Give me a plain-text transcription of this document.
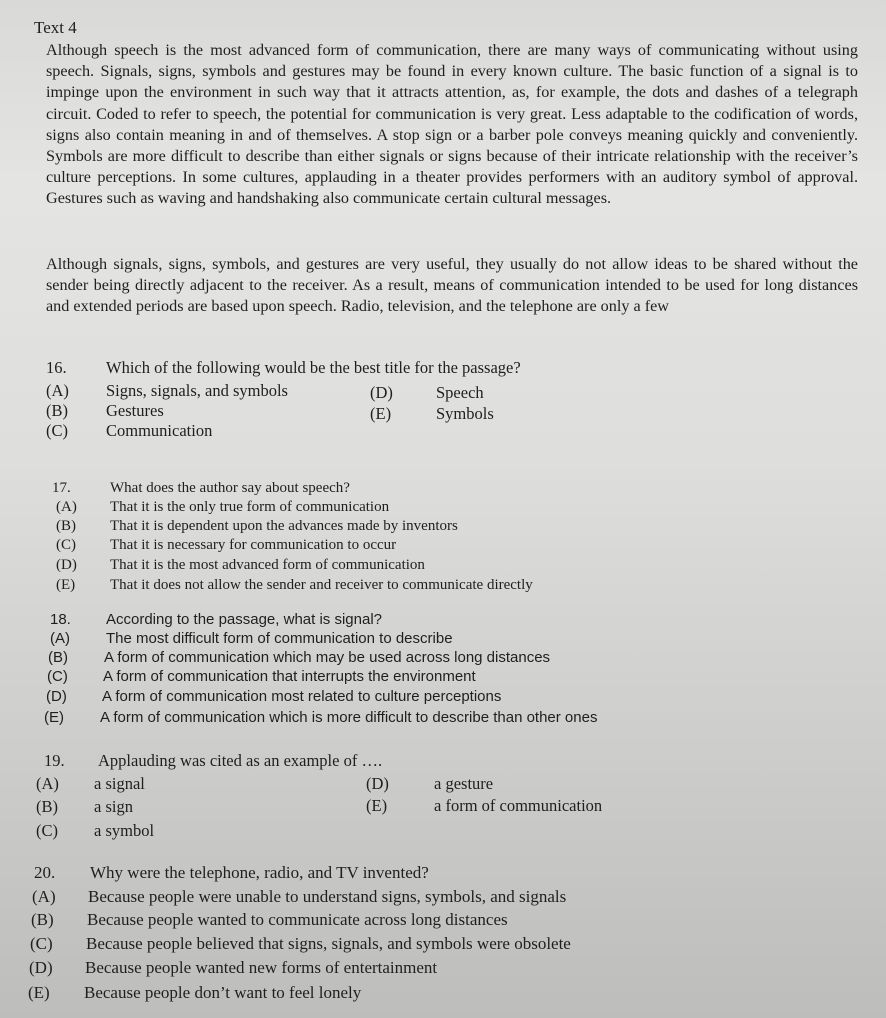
Text 4
Although speech is the most advanced form of communication, there are many ways of communicating without using speech. Signals, signs, symbols and gestures may be found in every known culture. The basic function of a signal is to impinge upon the environment in such way that it attracts attention, as, for example, the dots and dashes of a telegraph circuit. Coded to refer to speech, the potential for communication is very great. Less adaptable to the codification of words, signs also contain meaning in and of themselves. A stop sign or a barber pole conveys meaning quickly and conveniently. Symbols are more difficult to describe than either signals or signs because of their intricate relationship with the receiver’s culture perceptions. In some cultures, applauding in a theater provides performers with an auditory symbol of approval. Gestures such as waving and handshaking also communicate certain cultural messages.
Although signals, signs, symbols, and gestures are very useful, they usually do not allow ideas to be shared without the sender being directly adjacent to the receiver. As a result, means of communication intended to be used for long distances and extended periods are based upon speech. Radio, television, and the telephone are only a few
16. Which of the following would be the best title for the passage?
(A) Signs, signals, and symbols
(B) Gestures
(C) Communication
(D)	Speech
(E)	Symbols
17.	What does the author say about speech?
(A) That it is the only true form of communication
(B) That it is dependent upon the advances made by inventors
(C) That it is necessary for communication to occur
(D) That it is the most advanced form of communication
(E) That it does not allow the sender and receiver to communicate directly
18. According to the passage, what is signal?
(A) The most difficult form of communication to describe
(B) A form of communication which may be used across long distances
(C) A form of communication that interrupts the environment
(D) A form of communication most related to culture perceptions
(E) A form of communication which is more difficult to describe than other ones
19. Applauding was cited as an example of ….
(A) a signal
(B) a sign
(C) a symbol
(D)	a gesture
(E)	a form of communication
20. Why were the telephone, radio, and TV invented?
(A) Because people were unable to understand signs, symbols, and signals
(B) Because people wanted to communicate across long distances
(C) Because people believed that signs, signals, and symbols were obsolete
(D) Because people wanted new forms of entertainment
(E) Because people don’t want to feel lonely
